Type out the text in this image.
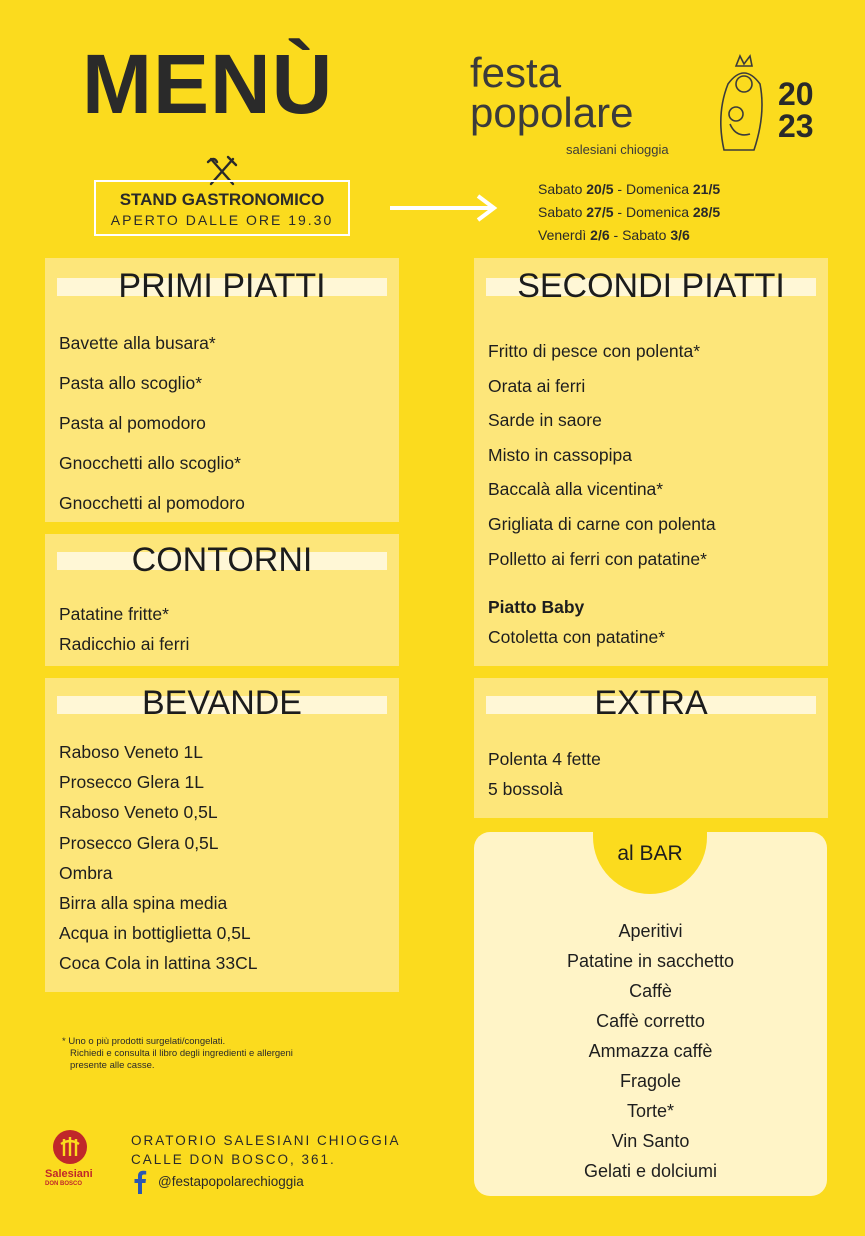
MENÙ
STAND GASTRONOMICO
APERTO DALLE ORE 19.30
festa
popolare
salesiani chioggia
20
23
Sabato 20/5 - Domenica 21/5
Sabato 27/5 - Domenica 28/5
Venerdì 2/6 - Sabato 3/6
PRIMI PIATTI
Bavette alla busara*
Pasta allo scoglio*
Pasta al pomodoro
Gnocchetti allo scoglio*
Gnocchetti al pomodoro
CONTORNI
Patatine fritte*
Radicchio ai ferri
BEVANDE
Raboso Veneto 1L
Prosecco Glera 1L
Raboso Veneto 0,5L
Prosecco Glera 0,5L
Ombra
Birra alla spina media
Acqua in bottiglietta 0,5L
Coca Cola in lattina 33CL
SECONDI PIATTI
Fritto di pesce con polenta*
Orata ai ferri
Sarde in saore
Misto in cassopipa
Baccalà alla vicentina*
Grigliata di carne con polenta
Polletto ai ferri con patatine*
Piatto Baby
Cotoletta con patatine*
EXTRA
Polenta 4 fette
5 bossolà
Aperitivi
Patatine in sacchetto
Caffè
Caffè corretto
Ammazza caffè
Fragole
Torte*
Vin Santo
Gelati e dolciumi
al BAR
* Uno o più prodotti surgelati/congelati.
Richiedi e consulta il libro degli ingredienti e allergeni
presente alle casse.
Salesiani
DON BOSCO
ORATORIO SALESIANI CHIOGGIA
CALLE DON BOSCO, 361.
@festapopolarechioggia
